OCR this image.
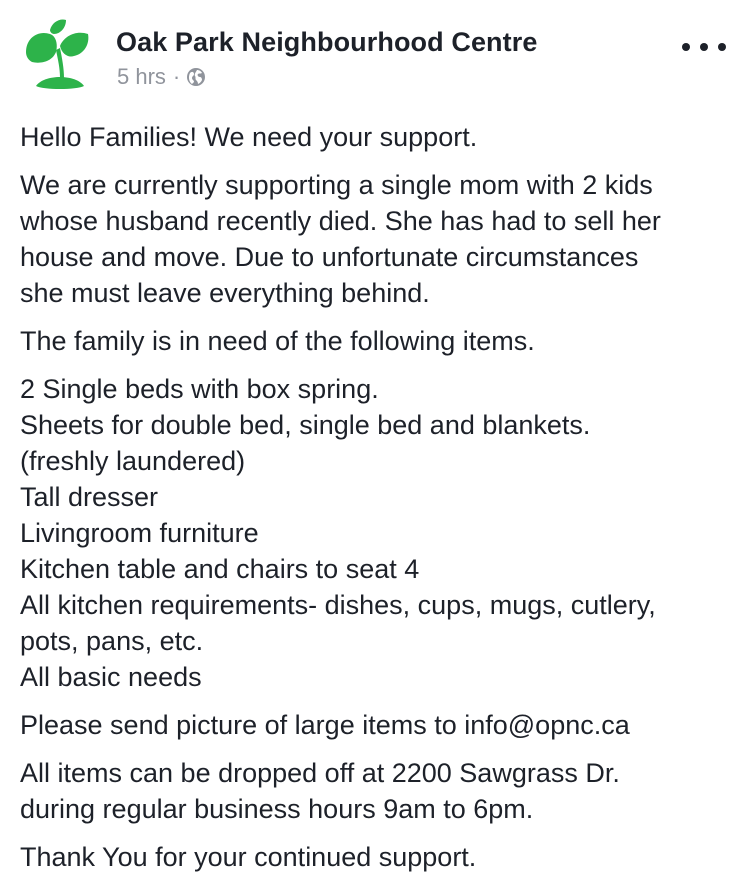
Oak Park Neighbourhood Centre
5 hrs ·

Hello Families! We need your support.

We are currently supporting a single mom with 2 kids
whose husband recently died. She has had to sell her
house and move. Due to unfortunate circumstances
she must leave everything behind.

The family is in need of the following items.

2 Single beds with box spring.
Sheets for double bed, single bed and blankets.
(freshly laundered)
Tall dresser
Livingroom furniture
Kitchen table and chairs to seat 4
All kitchen requirements- dishes, cups, mugs, cutlery,
pots, pans, etc.
All basic needs

Please send picture of large items to info@opnc.ca

All items can be dropped off at 2200 Sawgrass Dr.
during regular business hours 9am to 6pm.

Thank You for your continued support.
